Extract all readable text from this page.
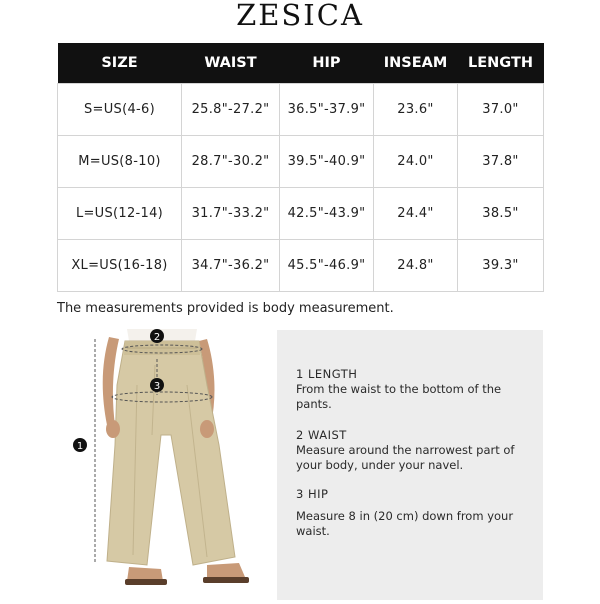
ZESICA
SIZE	WAIST	HIP	INSEAM	LENGTH
S=US(4-6)	25.8"-27.2"	36.5"-37.9"	23.6"	37.0"
M=US(8-10)	28.7"-30.2"	39.5"-40.9"	24.0"	37.8"
L=US(12-14)	31.7"-33.2"	42.5"-43.9"	24.4"	38.5"
XL=US(16-18)	34.7"-36.2"	45.5"-46.9"	24.8"	39.3"
The measurements provided is body measurement.
1
2
3
1 LENGTH
From the waist to the bottom of the pants.
2 WAIST
Measure around the narrowest part of your body, under your navel.
3 HIP
Measure 8 in (20 cm) down from your waist.
